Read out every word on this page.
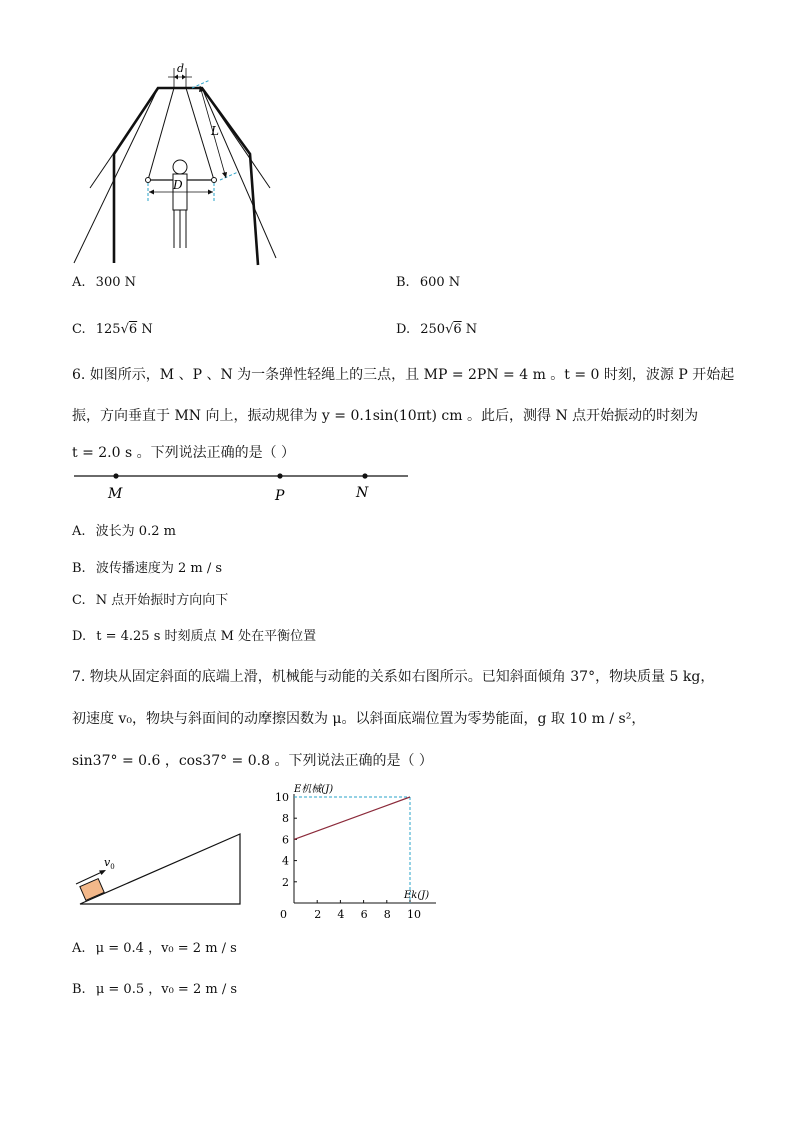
d
L
D
A. 300 N	B. 600 N
C. 125√6 N	D. 250√6 N
6. 如图所示，M 、P 、N 为一条弹性轻绳上的三点，且 MP = 2PN = 4 m 。t = 0 时刻，波源 P 开始起
振，方向垂直于 MN 向上，振动规律为 y = 0.1sin(10πt) cm 。此后，测得 N 点开始振动的时刻为
t = 2.0 s 。下列说法正确的是（ ）
M	P	N
A. 波长为 0.2 m
B. 波传播速度为 2 m / s
C. N 点开始振时方向向下
D. t = 4.25 s 时刻质点 M 处在平衡位置
7. 物块从固定斜面的底端上滑，机械能与动能的关系如右图所示。已知斜面倾角 37°，物块质量 5 kg，
初速度 v₀，物块与斜面间的动摩擦因数为 μ。以斜面底端位置为零势能面，g 取 10 m / s²，
sin37° = 0.6 ，cos37° = 0.8 。下列说法正确的是（ ）
$v_0$
E机械(J)
Ek(J)
0 2 4 6 8 10
2
4
6
8
10
A. μ = 0.4 ，v₀ = 2 m / s
B. μ = 0.5 ，v₀ = 2 m / s
